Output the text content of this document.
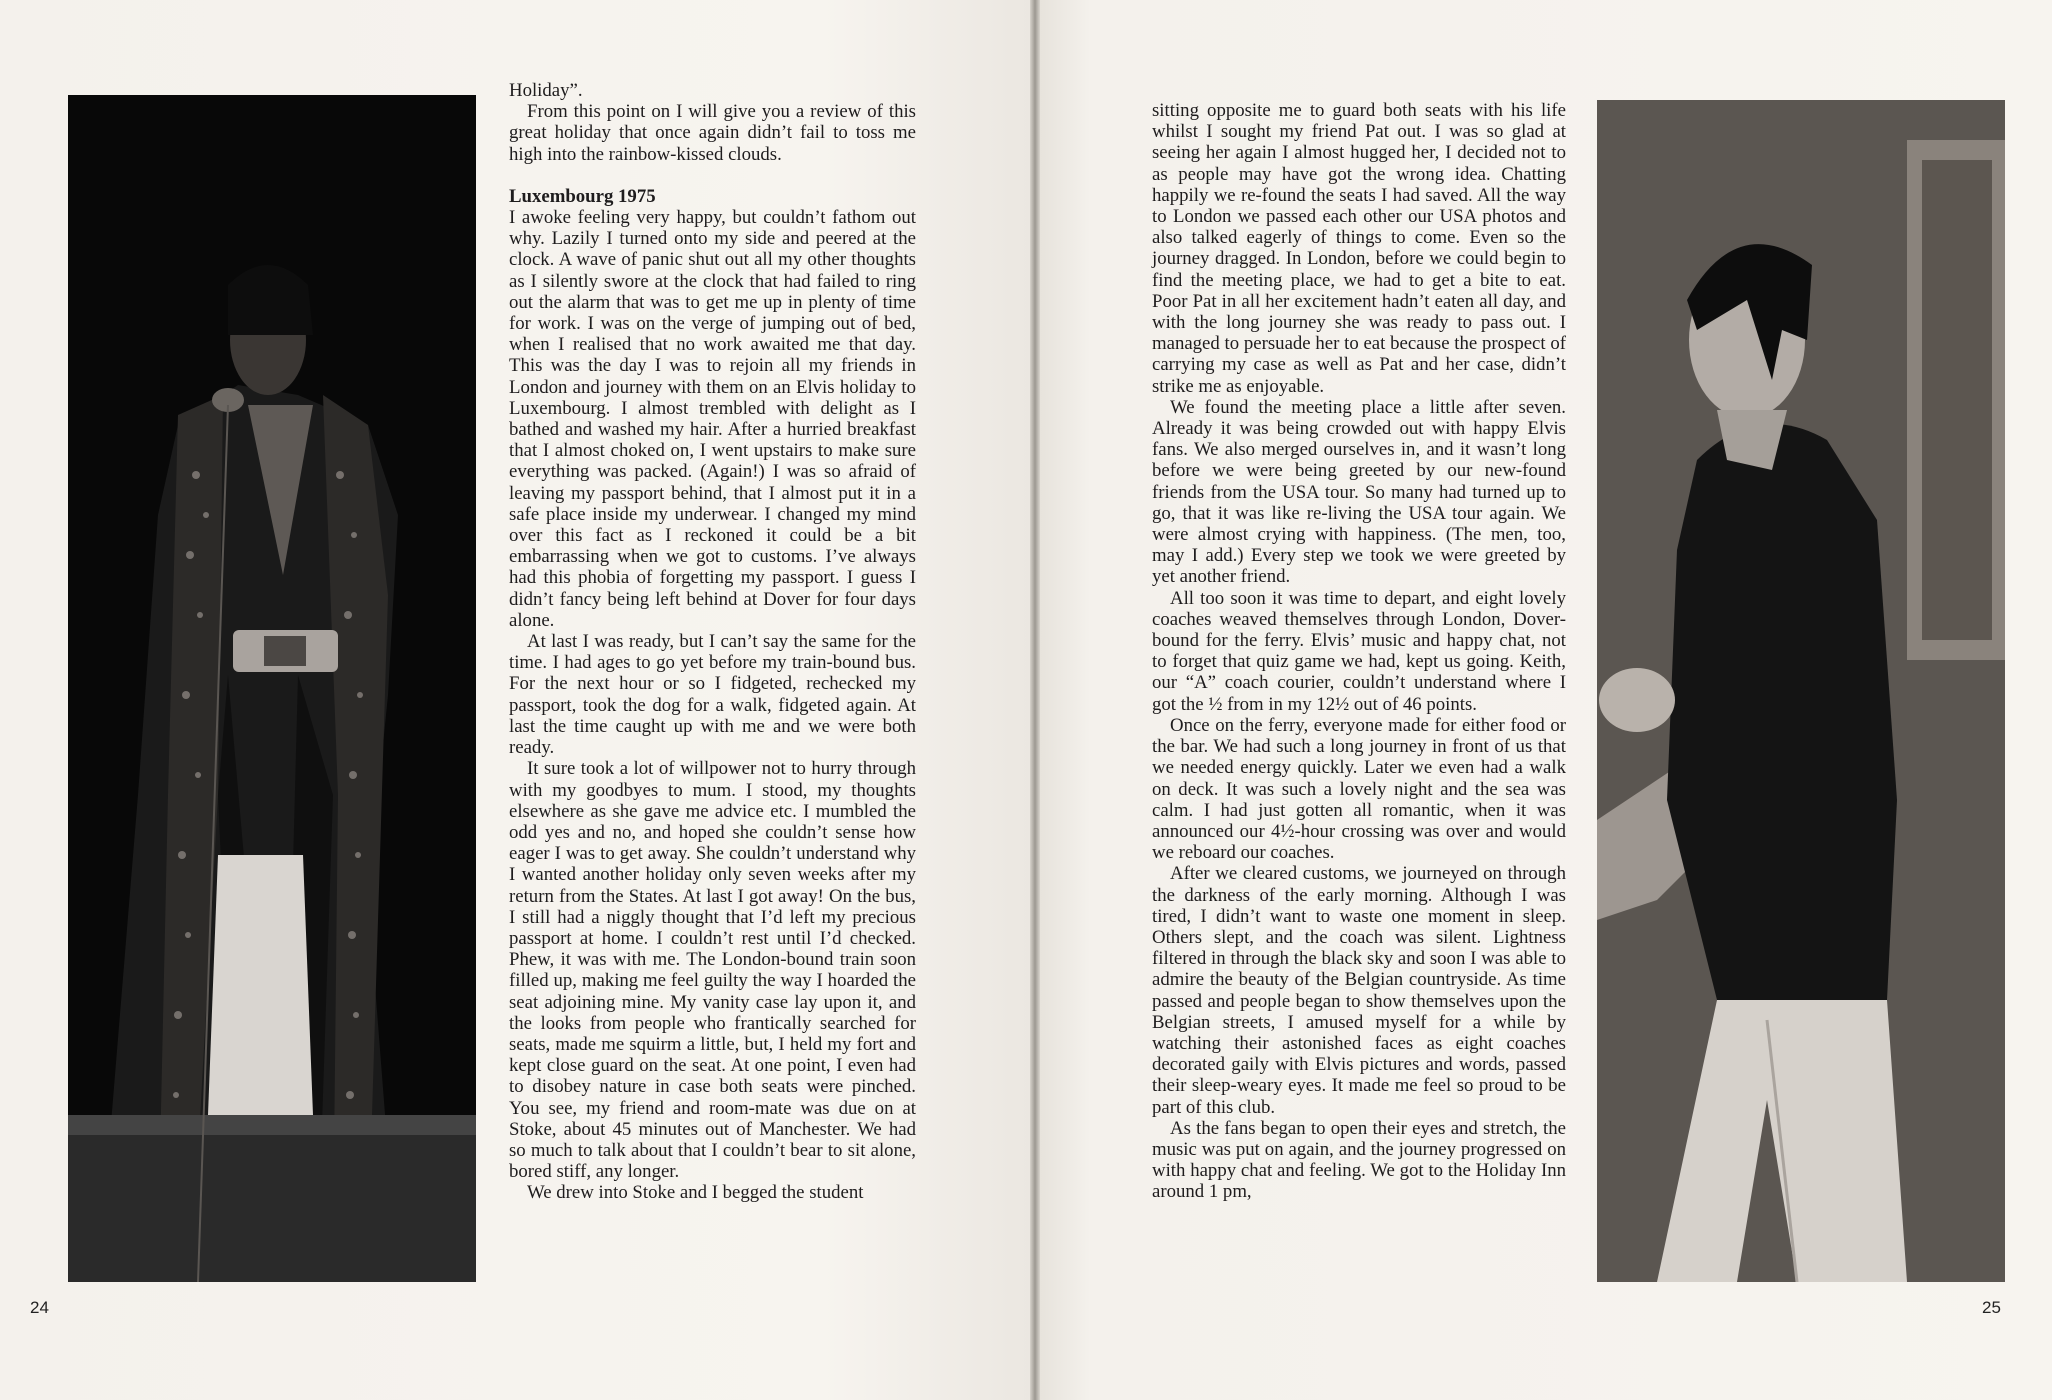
Holiday”.

From this point on I will give you a review of this great holiday that once again didn’t fail to toss me high into the rainbow-kissed clouds.

Luxembourg 1975

I awoke feeling very happy, but couldn’t fathom out why. Lazily I turned onto my side and peered at the clock. A wave of panic shut out all my other thoughts as I silently swore at the clock that had failed to ring out the alarm that was to get me up in plenty of time for work. I was on the verge of jumping out of bed, when I realised that no work awaited me that day. This was the day I was to rejoin all my friends in London and journey with them on an Elvis holiday to Luxembourg. I almost trembled with delight as I bathed and washed my hair. After a hurried breakfast that I almost choked on, I went upstairs to make sure everything was packed. (Again!) I was so afraid of leaving my passport behind, that I almost put it in a safe place inside my underwear. I changed my mind over this fact as I reckoned it could be a bit embarrassing when we got to customs. I’ve always had this phobia of forgetting my passport. I guess I didn’t fancy being left behind at Dover for four days alone.

At last I was ready, but I can’t say the same for the time. I had ages to go yet before my train-bound bus. For the next hour or so I fidgeted, rechecked my passport, took the dog for a walk, fidgeted again. At last the time caught up with me and we were both ready.

It sure took a lot of willpower not to hurry through with my goodbyes to mum. I stood, my thoughts elsewhere as she gave me advice etc. I mumbled the odd yes and no, and hoped she couldn’t sense how eager I was to get away. She couldn’t understand why I wanted another holiday only seven weeks after my return from the States. At last I got away! On the bus, I still had a niggly thought that I’d left my precious passport at home. I couldn’t rest until I’d checked. Phew, it was with me. The London-bound train soon filled up, making me feel guilty the way I hoarded the seat adjoining mine. My vanity case lay upon it, and the looks from people who frantically searched for seats, made me squirm a little, but, I held my fort and kept close guard on the seat. At one point, I even had to disobey nature in case both seats were pinched. You see, my friend and room-mate was due on at Stoke, about 45 minutes out of Manchester. We had so much to talk about that I couldn’t bear to sit alone, bored stiff, any longer.

We drew into Stoke and I begged the student

24

sitting opposite me to guard both seats with his life whilst I sought my friend Pat out. I was so glad at seeing her again I almost hugged her, I decided not to as people may have got the wrong idea. Chatting happily we re-found the seats I had saved. All the way to London we passed each other our USA photos and also talked eagerly of things to come. Even so the journey dragged. In London, before we could begin to find the meeting place, we had to get a bite to eat. Poor Pat in all her excitement hadn’t eaten all day, and with the long journey she was ready to pass out. I managed to persuade her to eat because the prospect of carrying my case as well as Pat and her case, didn’t strike me as enjoyable.

We found the meeting place a little after seven. Already it was being crowded out with happy Elvis fans. We also merged ourselves in, and it wasn’t long before we were being greeted by our new-found friends from the USA tour. So many had turned up to go, that it was like re-living the USA tour again. We were almost crying with happiness. (The men, too, may I add.) Every step we took we were greeted by yet another friend.

All too soon it was time to depart, and eight lovely coaches weaved themselves through London, Dover-bound for the ferry. Elvis’ music and happy chat, not to forget that quiz game we had, kept us going. Keith, our “A” coach courier, couldn’t understand where I got the ½ from in my 12½ out of 46 points.

Once on the ferry, everyone made for either food or the bar. We had such a long journey in front of us that we needed energy quickly. Later we even had a walk on deck. It was such a lovely night and the sea was calm. I had just gotten all romantic, when it was announced our 4½-hour crossing was over and would we reboard our coaches.

After we cleared customs, we journeyed on through the darkness of the early morning. Although I was tired, I didn’t want to waste one moment in sleep. Others slept, and the coach was silent. Lightness filtered in through the black sky and soon I was able to admire the beauty of the Belgian countryside. As time passed and people began to show themselves upon the Belgian streets, I amused myself for a while by watching their astonished faces as eight coaches decorated gaily with Elvis pictures and words, passed their sleep-weary eyes. It made me feel so proud to be part of this club.

As the fans began to open their eyes and stretch, the music was put on again, and the journey progressed on with happy chat and feeling. We got to the Holiday Inn around 1 pm,

25
